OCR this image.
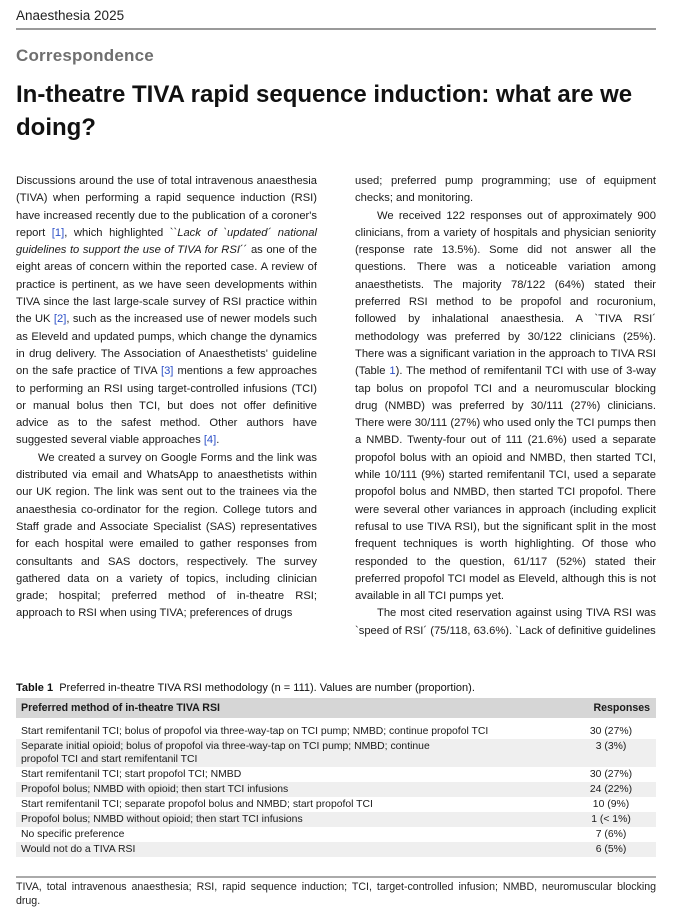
Anaesthesia 2025
Correspondence
In-theatre TIVA rapid sequence induction: what are we doing?

Discussions around the use of total intravenous anaesthesia (TIVA) when performing a rapid sequence induction (RSI) have increased recently due to the publication of a coroner's report [1], which highlighted ``Lack of `updated´ national guidelines to support the use of TIVA for RSI´´ as one of the eight areas of concern within the reported case. A review of practice is pertinent, as we have seen developments within TIVA since the last large-scale survey of RSI practice within the UK [2], such as the increased use of newer models such as Eleveld and updated pumps, which change the dynamics in drug delivery. The Association of Anaesthetists' guideline on the safe practice of TIVA [3] mentions a few approaches to performing an RSI using target-controlled infusions (TCI) or manual bolus then TCI, but does not offer definitive advice as to the safest method. Other authors have suggested several viable approaches [4].

We created a survey on Google Forms and the link was distributed via email and WhatsApp to anaesthetists within our UK region. The link was sent out to the trainees via the anaesthesia co-ordinator for the region. College tutors and Staff grade and Associate Specialist (SAS) representatives for each hospital were emailed to gather responses from consultants and SAS doctors, respectively. The survey gathered data on a variety of topics, including clinician grade; hospital; preferred method of in-theatre RSI; approach to RSI when using TIVA; preferences of drugs

used; preferred pump programming; use of equipment checks; and monitoring.

We received 122 responses out of approximately 900 clinicians, from a variety of hospitals and physician seniority (response rate 13.5%). Some did not answer all the questions. There was a noticeable variation among anaesthetists. The majority 78/122 (64%) stated their preferred RSI method to be propofol and rocuronium, followed by inhalational anaesthesia. A `TIVA RSI´ methodology was preferred by 30/122 clinicians (25%). There was a significant variation in the approach to TIVA RSI (Table 1). The method of remifentanil TCI with use of 3-way tap bolus on propofol TCI and a neuromuscular blocking drug (NMBD) was preferred by 30/111 (27%) clinicians. There were 30/111 (27%) who used only the TCI pumps then a NMBD. Twenty-four out of 111 (21.6%) used a separate propofol bolus with an opioid and NMBD, then started TCI, while 10/111 (9%) started remifentanil TCI, used a separate propofol bolus and NMBD, then started TCI propofol. There were several other variances in approach (including explicit refusal to use TIVA RSI), but the significant split in the most frequent techniques is worth highlighting. Of those who responded to the question, 61/117 (52%) stated their preferred propofol TCI model as Eleveld, although this is not available in all TCI pumps yet.

The most cited reservation against using TIVA RSI was `speed of RSI´ (75/118, 63.6%). `Lack of definitive guidelines

Table 1 Preferred in-theatre TIVA RSI methodology (n = 111). Values are number (proportion).
Preferred method of in-theatre TIVA RSI	Responses

Start remifentanil TCI; bolus of propofol via three-way-tap on TCI pump; NMBD; continue propofol TCI	30 (27%)
Separate initial opioid; bolus of propofol via three-way-tap on TCI pump; NMBD; continue propofol TCI and start remifentanil TCI	3 (3%)
Start remifentanil TCI; start propofol TCI; NMBD	30 (27%)
Propofol bolus; NMBD with opioid; then start TCI infusions	24 (22%)
Start remifentanil TCI; separate propofol bolus and NMBD; start propofol TCI	10 (9%)
Propofol bolus; NMBD without opioid; then start TCI infusions	1 (< 1%)
No specific preference	7 (6%)
Would not do a TIVA RSI	6 (5%)
TIVA, total intravenous anaesthesia; RSI, rapid sequence induction; TCI, target-controlled infusion; NMBD, neuromuscular blocking drug.
